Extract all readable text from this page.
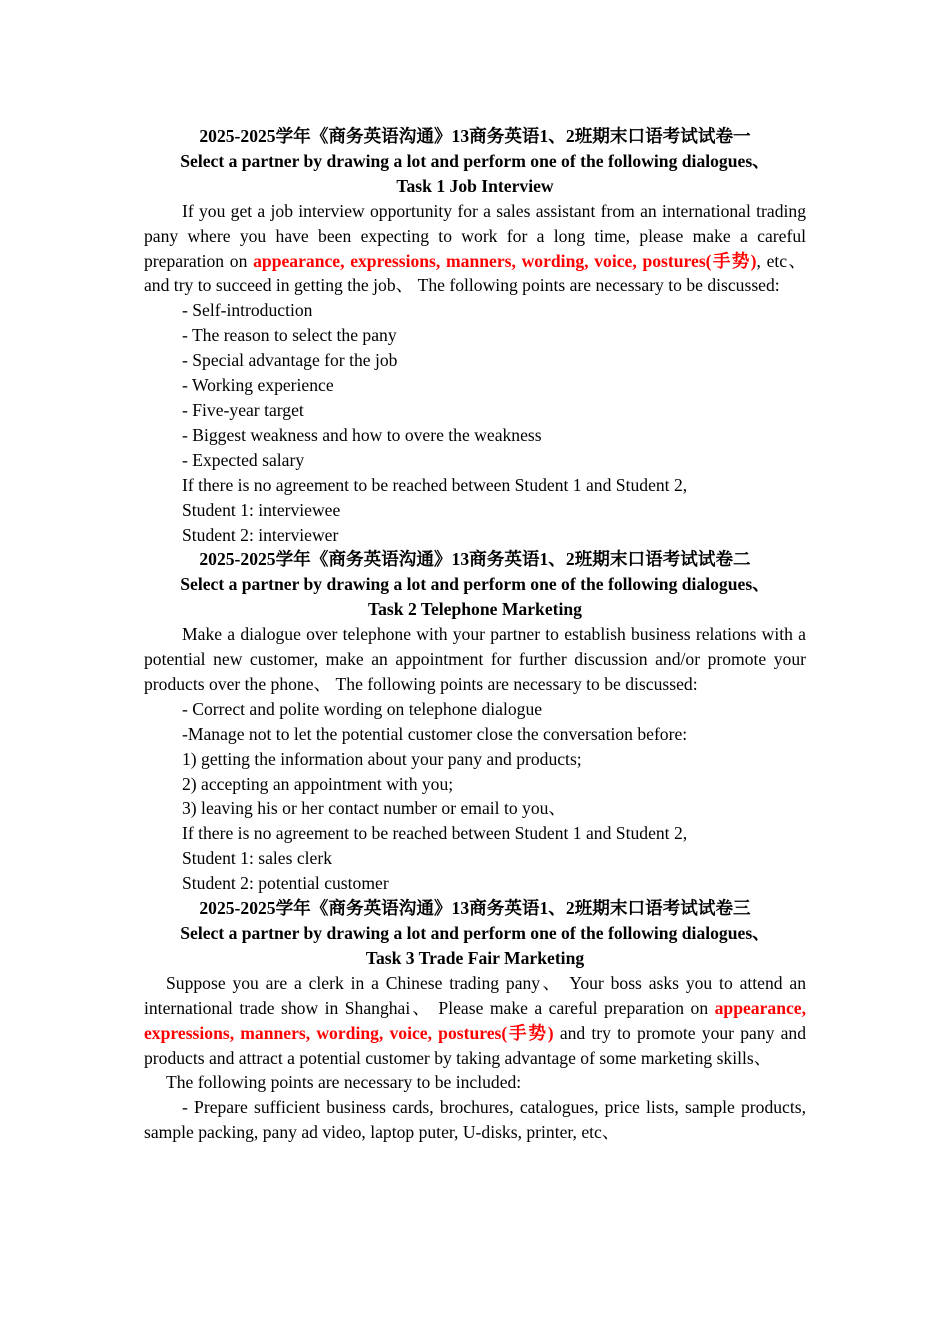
2025-2025学年《商务英语沟通》13商务英语1、2班期末口语考试试卷一

Select a partner by drawing a lot and perform one of the following dialogues、

Task 1 Job Interview

If you get a job interview opportunity for a sales assistant from an international trading pany where you have been expecting to work for a long time, please make a careful preparation on appearance, expressions, manners, wording, voice, postures(手势), etc、 and try to succeed in getting the job、 The following points are necessary to be discussed:

- Self-introduction
- The reason to select the pany
- Special advantage for the job
- Working experience
- Five-year target
- Biggest weakness and how to overe the weakness
- Expected salary
If there is no agreement to be reached between Student 1 and Student 2,
Student 1: interviewee
Student 2: interviewer

2025-2025学年《商务英语沟通》13商务英语1、2班期末口语考试试卷二

Select a partner by drawing a lot and perform one of the following dialogues、

Task 2 Telephone Marketing

Make a dialogue over telephone with your partner to establish business relations with a potential new customer, make an appointment for further discussion and/or promote your products over the phone、 The following points are necessary to be discussed:

- Correct and polite wording on telephone dialogue
-Manage not to let the potential customer close the conversation before:
1) getting the information about your pany and products;
2) accepting an appointment with you;
3) leaving his or her contact number or email to you、
If there is no agreement to be reached between Student 1 and Student 2,
Student 1: sales clerk
Student 2: potential customer

2025-2025学年《商务英语沟通》13商务英语1、2班期末口语考试试卷三

Select a partner by drawing a lot and perform one of the following dialogues、

Task 3 Trade Fair Marketing

Suppose you are a clerk in a Chinese trading pany、 Your boss asks you to attend an international trade show in Shanghai、 Please make a careful preparation on appearance, expressions, manners, wording, voice, postures(手势) and try to promote your pany and products and attract a potential customer by taking advantage of some marketing skills、

The following points are necessary to be included:

- Prepare sufficient business cards, brochures, catalogues, price lists, sample products, sample packing, pany ad video, laptop puter, U-disks, printer, etc、
